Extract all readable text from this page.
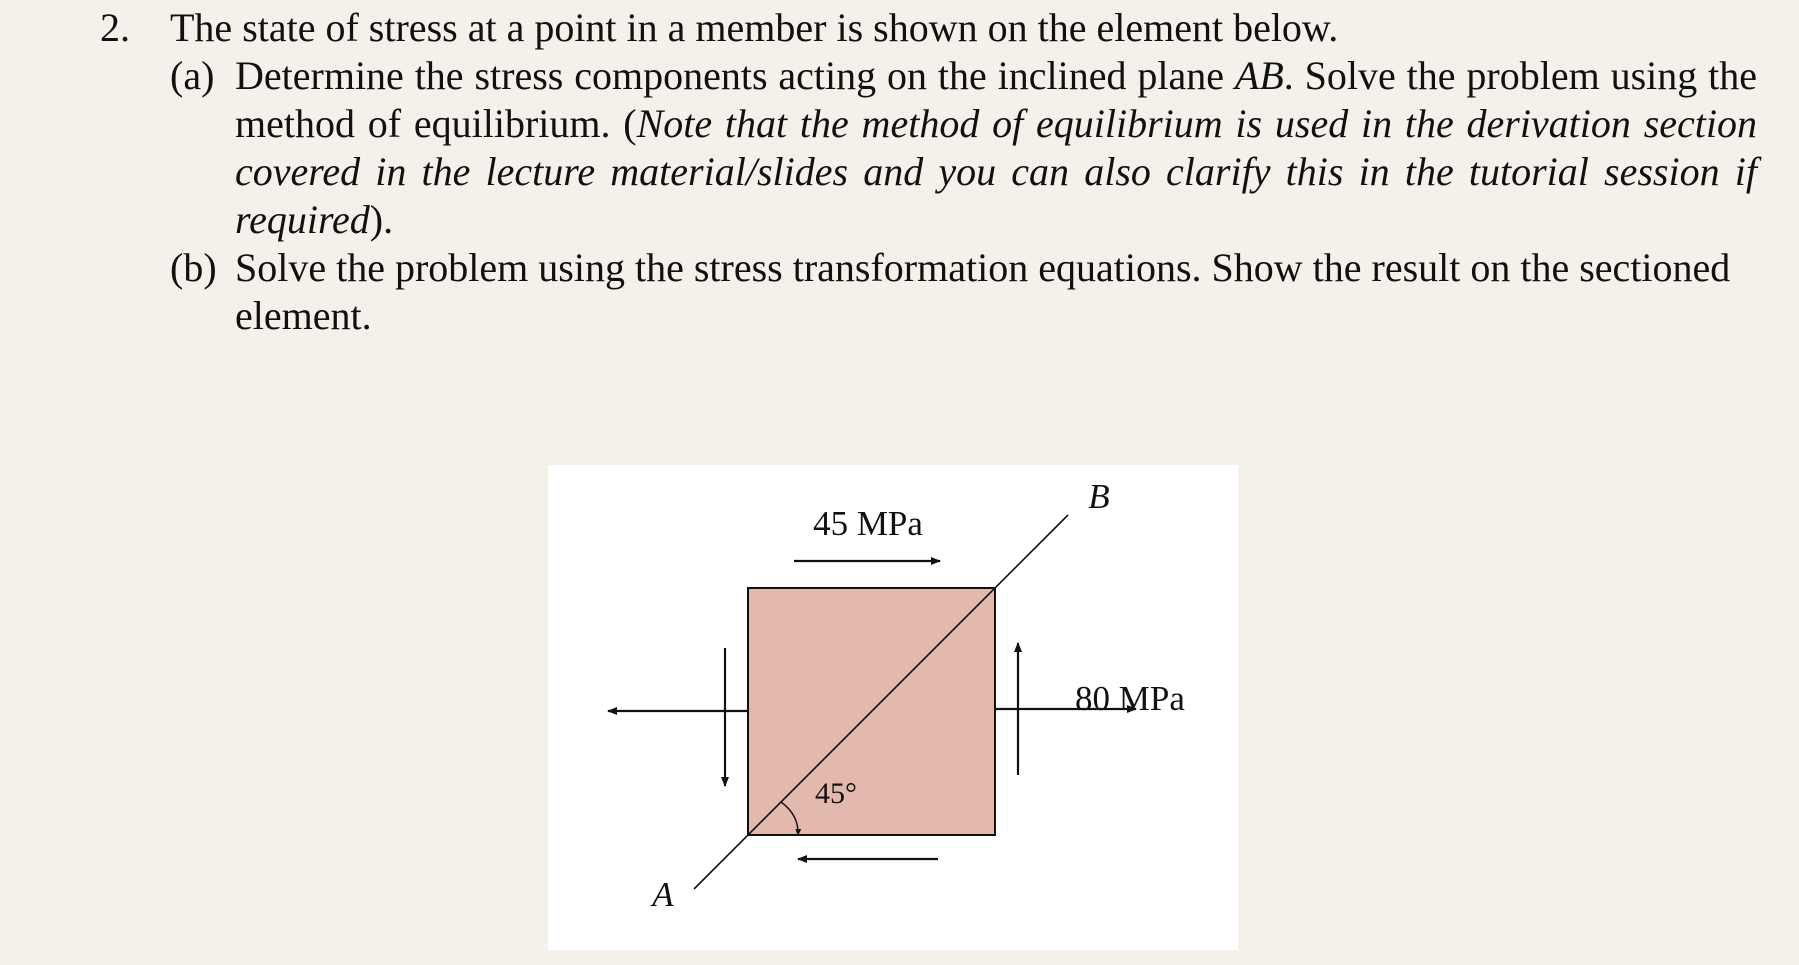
2.	The state of stress at a point in a member is shown on the element below.
(a) Determine the stress components acting on the inclined plane AB. Solve the problem using the method of equilibrium. (Note that the method of equilibrium is used in the derivation section covered in the lecture material/slides and you can also clarify this in the tutorial session if required).
(b) Solve the problem using the stress transformation equations. Show the result on the sectioned element.
45 MPa
80 MPa
45°
A
B
